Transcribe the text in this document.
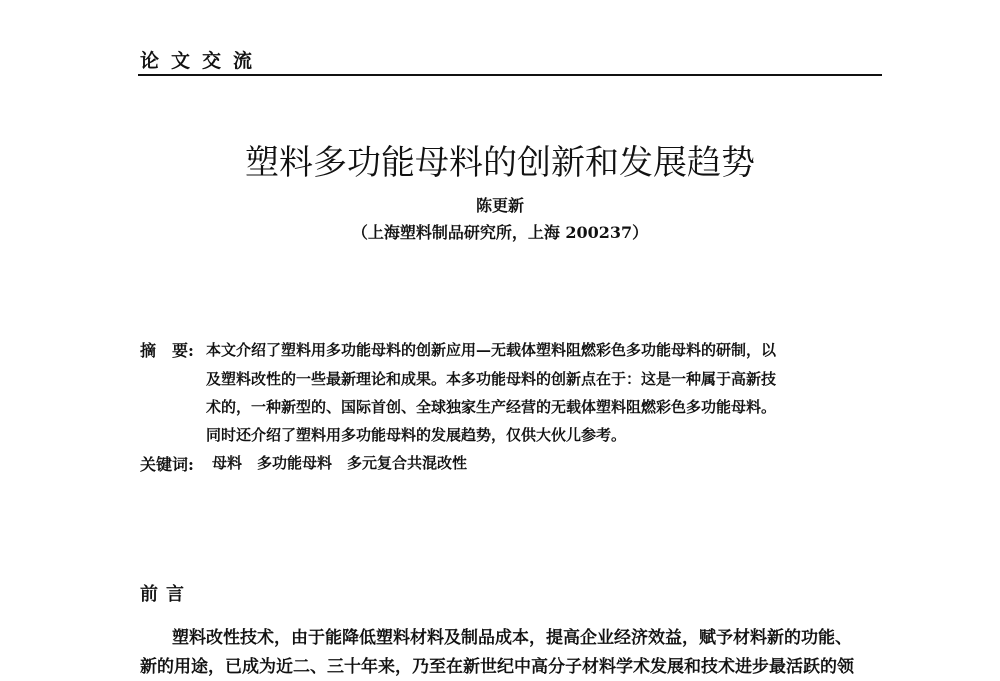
论文交流
塑料多功能母料的创新和发展趋势
陈更新
（上海塑料制品研究所，上海 200237）
摘　要: 本文介绍了塑料用多功能母料的创新应用—无载体塑料阻燃彩色多功能母料的研制，以
及塑料改性的一些最新理论和成果。本多功能母料的创新点在于：这是一种属于高新技
术的，一种新型的、国际首创、全球独家生产经营的无载体塑料阻燃彩色多功能母料。
同时还介绍了塑料用多功能母料的发展趋势，仅供大伙儿参考。
关键词: 母料　多功能母料　多元复合共混改性
前言
塑料改性技术，由于能降低塑料材料及制品成本，提高企业经济效益，赋予材料新的功能、
新的用途，已成为近二、三十年来，乃至在新世纪中高分子材料学术发展和技术进步最活跃的领
